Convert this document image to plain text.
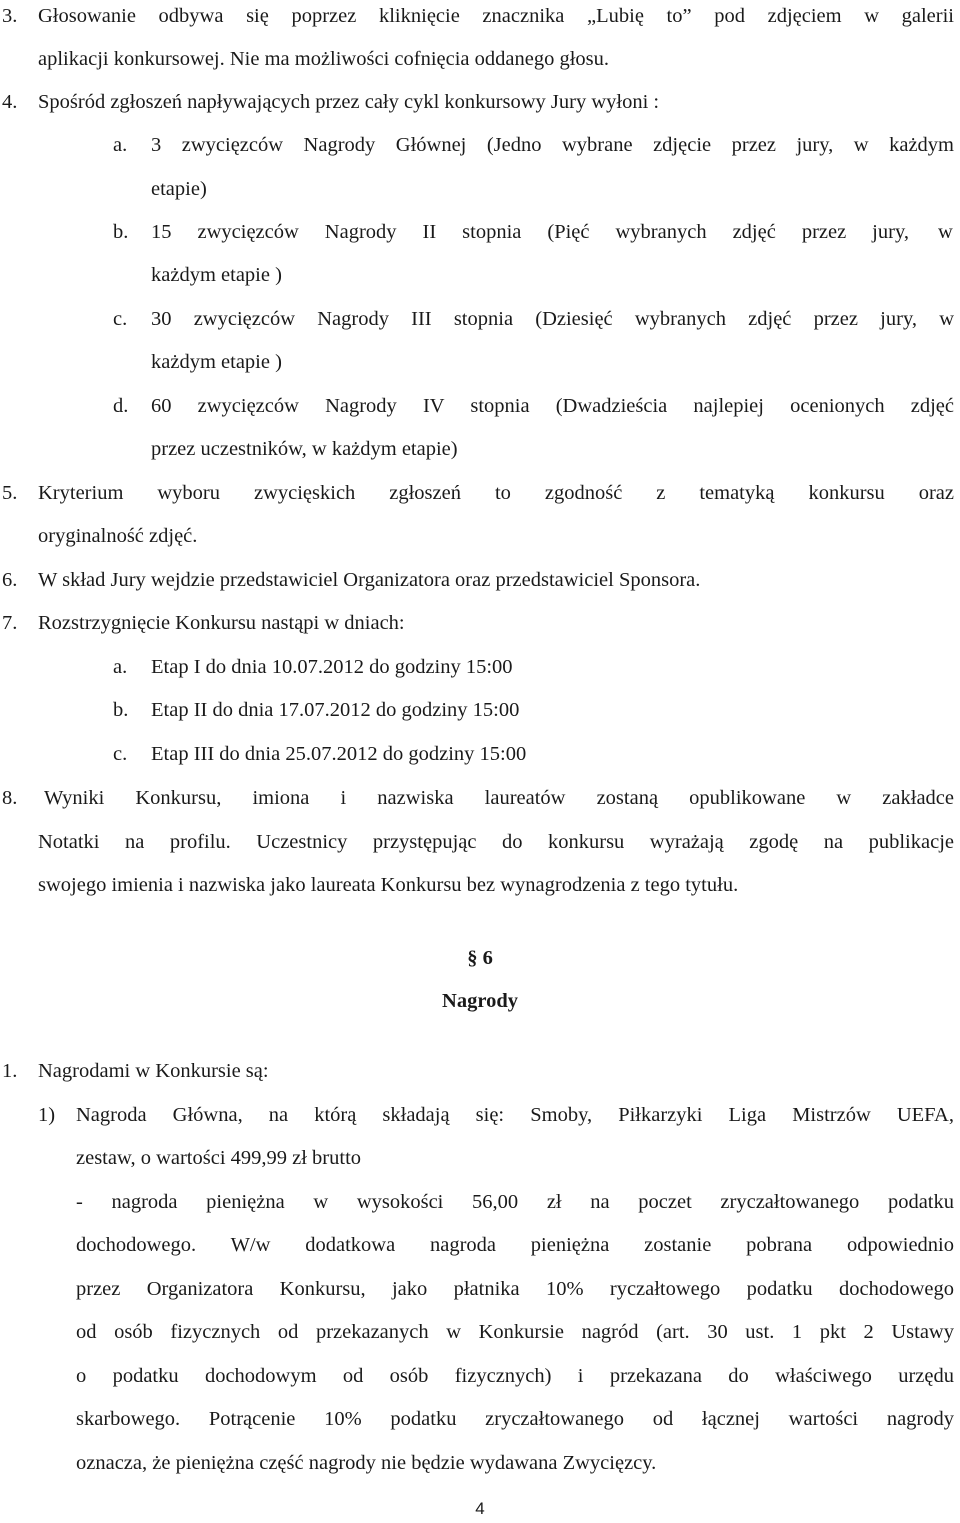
3. Głosowanie odbywa się poprzez kliknięcie znacznika „Lubię to” pod zdjęciem w galerii
aplikacji konkursowej. Nie ma możliwości cofnięcia oddanego głosu.
4. Spośród zgłoszeń napływających przez cały cykl konkursowy Jury wyłoni :
a. 3 zwycięzców Nagrody Głównej (Jedno wybrane zdjęcie przez jury, w każdym
etapie)
b. 15 zwycięzców Nagrody II stopnia (Pięć wybranych zdjęć przez jury, w
każdym etapie )
c. 30 zwycięzców Nagrody III stopnia (Dziesięć wybranych zdjęć przez jury, w
każdym etapie )
d. 60 zwycięzców Nagrody IV stopnia (Dwadzieścia najlepiej ocenionych zdjęć
przez uczestników, w każdym etapie)
5. Kryterium wyboru zwycięskich zgłoszeń to zgodność z tematyką konkursu oraz
oryginalność zdjęć.
6. W skład Jury wejdzie przedstawiciel Organizatora oraz przedstawiciel Sponsora.
7. Rozstrzygnięcie Konkursu nastąpi w dniach:
a. Etap I do dnia 10.07.2012 do godziny 15:00
b. Etap II do dnia 17.07.2012 do godziny 15:00
c. Etap III do dnia 25.07.2012 do godziny 15:00
8. Wyniki Konkursu, imiona i nazwiska laureatów zostaną opublikowane w zakładce
Notatki na profilu. Uczestnicy przystępując do konkursu wyrażają zgodę na publikacje
swojego imienia i nazwiska jako laureata Konkursu bez wynagrodzenia z tego tytułu.
§ 6
Nagrody
1. Nagrodami w Konkursie są:
1) Nagroda Główna, na którą składają się: Smoby, Piłkarzyki Liga Mistrzów UEFA,
zestaw, o wartości 499,99 zł brutto
- nagroda pieniężna w wysokości 56,00 zł na poczet zryczałtowanego podatku
dochodowego. W/w dodatkowa nagroda pieniężna zostanie pobrana odpowiednio
przez Organizatora Konkursu, jako płatnika 10% ryczałtowego podatku dochodowego
od osób fizycznych od przekazanych w Konkursie nagród (art. 30 ust. 1 pkt 2 Ustawy
o podatku dochodowym od osób fizycznych) i przekazana do właściwego urzędu
skarbowego. Potrącenie 10% podatku zryczałtowanego od łącznej wartości nagrody
oznacza, że pieniężna część nagrody nie będzie wydawana Zwycięzcy.
4
